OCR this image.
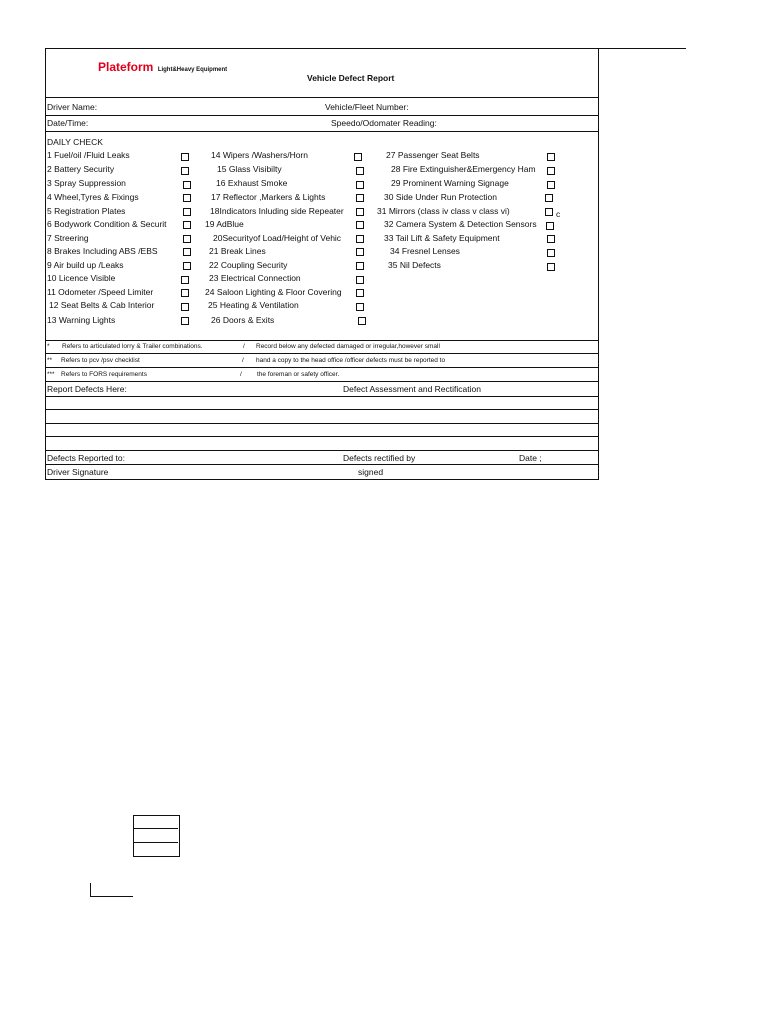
Plateform Light&Heavy Equipment
Vehicle Defect Report
Driver Name:	Vehicle/Fleet Number:
Date/Time:	Speedo/Odomater Reading:
DAILY CHECK
1 Fuel/oil /Fluid Leaks
2 Battery Security
3 Spray Suppression
4 Wheel,Tyres & Fixings
5 Registration Plates
6 Bodywork Condition & Securit
7 Streering
8 Brakes Including ABS /EBS
9 Air build up /Leaks
10 Licence Visible
11 Odometer /Speed Limiter
12 Seat Belts & Cab Interior
13 Warning Lights
14 Wipers /Washers/Horn
15 Glass Visibilty
16 Exhaust Smoke
17 Reflector ,Markers & Lights
18Indicators Inluding side Repeater
19 AdBlue
20Securityof Load/Height of Vehic
21 Break Lines
22 Coupling Security
23 Electrical Connection
24 Saloon Lighting & Floor Covering
25 Heating & Ventilation
26 Doors & Exits
27 Passenger Seat Belts
28 Fire Extinguisher&Emergency Ham
29 Prominent Warning Signage
30 Side Under Run Protection
31 Mirrors (class iv class v class vi)
32 Camera System & Detection Sensors
33 Tail Lift & Safety Equipment
34 Fresnel Lenses
35 Nil Defects
c
* Refers to articulated lorry & Trailer combinations.	/ Record below any defected damaged or irregular,however small
** Refers to pcv /psv checklist	/ hand a copy to the head office /officer defects must be reported to
*** Refers to FORS requirements	/ the foreman or safety officer.
Report Defects Here:	Defect Assessment and Rectification
Defects Reported to:	Defects rectified by	Date ;
Driver Signature	signed
